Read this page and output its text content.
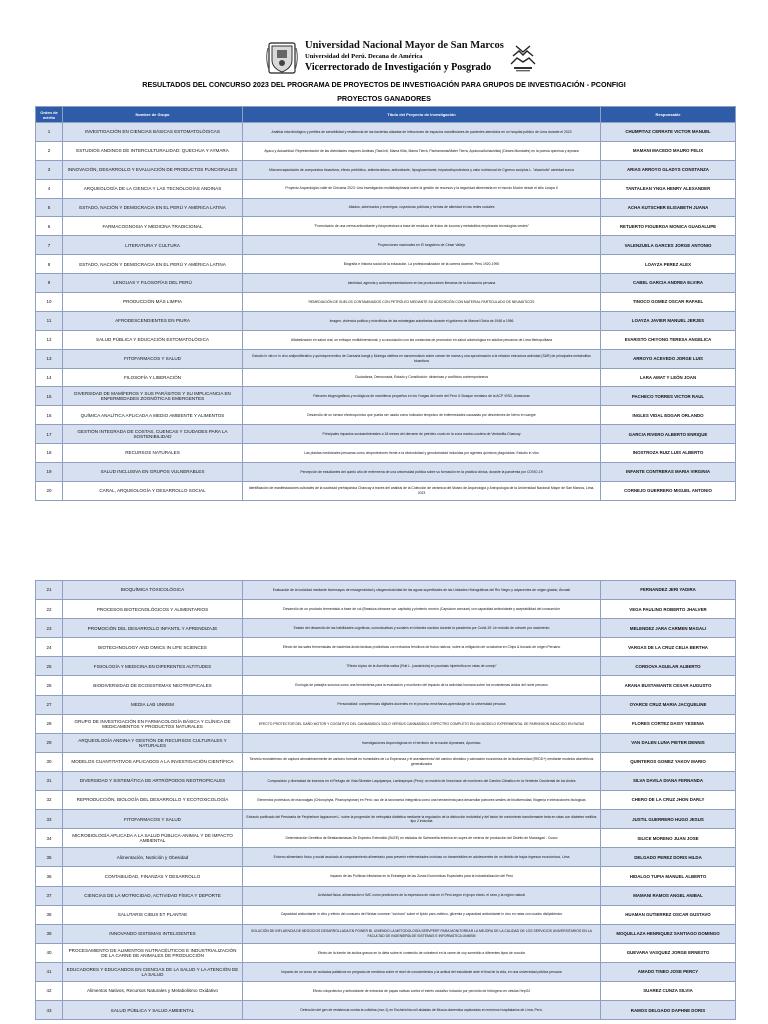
Universidad Nacional Mayor de San Marcos
Universidad del Perú. Decana de América
Vicerrectorado de Investigación y Posgrado
RESULTADOS DEL CONCURSO 2023 DEL PROGRAMA DE PROYECTOS DE INVESTIGACIÓN PARA GRUPOS DE INVESTIGACIÓN - PCONFIGI
PROYECTOS GANADORES
Orden de mérito	Nombre de Grupo	Título del Proyecto de Investigación	Responsable
1	INVESTIGACIÓN EN CIENCIAS BÁSICAS ESTOMATOLÓGICAS	Análisis microbiológico y perfiles de sensibilidad y resistencia de las bacterias aisladas de infecciones de espacios mandibulares de pacientes atendidos en un hospital público de Lima durante el 2023	CHUMPITAZ CERRATE VICTOR MANUEL
2	ESTUDIOS ANDINOS DE INTERCULTURALIDAD: QUECHUA Y AYMARA	Ayacu y Aukachikai: Representación de las divinidades mayores Andinas (Tata Inti, Mama Killa, Mama Tierra, Pachamama/Mater Tierra, Apukuna/Achachilas) (Dioses Mundales) en la poesía quechua y aymara	MAMANI MACEDO MAURO FELIX
3	INNOVACIÓN, DESARROLLO Y EVALUACIÓN DE PRODUCTOS FUNCIONALES	Microencapsulación de compuestos bioactivos, efecto prebiótico, antimicrobiano, antioxidante, hipoglucemiante, hepatocitoprotectora y valor nutricional de Cyperus sculptus L. "alcachofa" variedad sunca	ARIAS ARROYO GLADYS CONSTANZA
4	ARQUEOLOGÍA DE LA CIENCIA Y LAS TECNOLOGÍAS ANDINAS	Proyecto Arqueológico valle de Chicama 2023: Una investigación multidisciplinaria sobre la gestión de recursos y la seguridad alimentaria en el mundo Moche desde el sitio Licapa II	TANTALEAN YNGA HENRY ALEXANDER
5	ESTADO, NACIÓN Y DEMOCRACIA EN EL PERÚ Y AMÉRICA LATINA	Aliados, adversarios y enemigos: coyunturas políticas y formas de alteridad en las redes sociales	ACHA KUTSCHER ELISABETH JUANA
6	FARMACOGNOSIA Y MEDICINA TRADICIONAL	"Formulación de una crema antioxidante y fotoprotectora a base de residuos de frutos de lucuma y metabolitos empleando tecnologías verdes"	RETUERTO FIGUEROA MONICA GUADALUPE
7	LITERATURA Y CULTURA	Proyecciones nacionales en El tungsteno de César Vallejo	VALENZUELA GARCES JORGE ANTONIO
8	ESTADO, NACIÓN Y DEMOCRACIA EN EL PERÚ Y AMÉRICA LATINA	Biografía e historia social de la educación. La profesionalización de la carrera docente, Perú 1920-1990	LOAYZA PEREZ ALEX
9	LENGUAS Y FILOSOFÍAS DEL PERÚ	Identidad, agencia y autorrepresentaciones en las producciones literarias de la Amazonía peruana	CABEL GARCIA ANDREA ELVIRA
10	PRODUCCIÓN MÁS LIMPIA	REMEDIACIÓN DE SUELOS CONTAMINADOS CON PETRÓLEO MEDIANTE SU ADSORCIÓN CON MATERIAL PARTICULADO DE NEUMÁTICOS	TINOCO GOMEZ OSCAR RAFAEL
11	AFRODESCENDIENTES EN PIURA	Imagen, violencia política y micrófisica de las estrategias autoritarias durante el gobierno de Manuel Odría de 1948 a 1956	LOAYZA JAVIER MANUEL JERJES
12	SALUD PÚBLICA Y EDUCACIÓN ESTOMATOLÓGICA	Alfabetización en salud oral, un enfoque multidimensional, y su asociación con las conductas de promoción en salud odontológica en adultos peruanos de Lima Metropolitana	EVARISTO CHIYONG TERESA ANGELICA
13	FITOFARMACOS Y SALUD	Estudio in vitro e in vivo antiproliferativo y quimiopreventivo de Caesaria bangii y Moringa oleifera en nanoemulsión sobre cáncer de mama y una aproximación a la relación estructura actividad (SAR) de principales metabolitos bioactivos	ARROYO ACEVEDO JORGE LUIS
14	FILOSOFÍA Y LIBERACIÓN	Ciudadanía, Democracia, Estado y Constitución: dinámicas y conflictos contemporáneos	LARA AMAT Y LEÓN JOAN
15	DIVERSIDAD DE MAMÍFEROS Y SUS PARÁSITOS Y SU IMPLICANCIA EN ENFERMEDADES ZOONÓTICAS EMERGENTES	Patrones biogeográficos y ecológicos de mamíferos pequeños en los Yungas del norte del Perú II: Bosque montano de la ACP VISD, Amazonas	PACHECO TORRES VICTOR RAUL
16	QUÍMICA ANALÍTICA APLICADA A MEDIO AMBIENTE Y ALIMENTOS	Desarrollo de un sensor electroquímico que pueda ser usado como indicador temprano de enfermedades causadas por desórdenes de hierro en sangre	INGLES VIDAL EDGAR ORLANDO
17	GESTIÓN INTEGRADA DE COSTAS, CUENCAS Y CIUDADES PARA LA SOSTENIBILIDAD	Principales impactos socioambientales a 18 meses del derrame de petróleo crudo en la zona marino-costera de Ventanilla-Chancay	GARCIA RIVERO ALBERTO ENRIQUE
18	RECURSOS NATURALES	Las plantas medicinales peruanas como citoprotectores frente a la citotoxicidad y genotoxicidad inducidas por agentes químicos plaguicidas: Estudio in vitro	INOSTROZA RUIZ LUIS ALBERTO
19	SALUD INCLUSIVA EN GRUPOS VULNERABLES	Percepción de estudiantes del quinto año de enfermería de una universidad pública sobre su formación en la práctica clínica, durante la pandemia por COVID-19	INFANTE CONTRERAS MARIA VIRGINIA
20	CARAL, ARQUEOLOGÍA Y DESARROLLO SOCIAL	Identificación de manifestaciones culturales de la sociedad prehispánica Chancay a través del análisis de la Colección de cerámica del Museo de Arqueología y Antropología de la Universidad Nacional Mayor de San Marcos, Lima, 2023	CORNEJO GUERRERO MIGUEL ANTONIO
21	BIOQUÍMICA TOXICOLÓGICA	Evaluación de la toxicidad mediante bioensayos de mutagenicidad y citogenotoxicidad de las aguas superficiales de las Unidades Hidrográficas del Río Negro y adyacentes de origen glaciar, Áncash	FERNANDEZ JERI YADIRA
22	PROCESOS BIOTECNOLÓGICOS Y ALIMENTARIOS	Desarrollo de un producto fermentado a base de col (Brassica oleracea var. capitata) y pimiento morrón (Capsicum annuum) con capacidad antioxidante y aceptabilidad del consumidor	VEGA PAULINO ROBERTO JHALVER
23	PROMOCIÓN DEL DESARROLLO INFANTIL Y APRENDIZAJE	Estado del desarrollo de las habilidades cognitivas, comunicativas y sociales en infantes nacidos durante la pandemia por Covid-19: Un estudio de cohorte por nacimiento	MELENDEZ JARA CARMEN MAGALI
24	BIOTECHNOLOGY AND OMICS IN LIFE SCIENCES	Efecto de las sales fermentadas de bacterias ácido lácticas probióticas con extractos fenólicos de frutos nativos, sobre la mitigación de ocratoxina en Chips & bocado de origen Peruano	VARGAS DE LA CRUZ CELIA BERTHA
25	FISIOLOGÍA Y MEDICINA EN DIFERENTES ALTITUDES	"Efecto tópico de la Aventhia sativa (Ruti L. (caraindola) en psoriasis hipertrófica en ratas de conejo"	CORDOVA AGUILAR ALBERTO
26	BIODIVERSIDAD DE ECOSISTEMAS NEOTROPICALES	Ecología de paisajes sonoros como una herramienta para la evaluación y monitoreo del impacto de la actividad humana sobre los ecosistemas áridos del norte peruano	ARANA BUSTAMANTE CESAR AUGUSTO
27	MEDIA LAB UNMSM	Personalidad: competencias digitales docentes en el proceso enseñanza-aprendizaje de la universidad peruana	OYARCE CRUZ MARIA JACQUELINE
28	GRUPO DE INVESTIGACIÓN EN FARMACOLOGÍA BÁSICA Y CLÍNICA DE MEDICAMENTOS Y PRODUCTOS NATURALES	EFECTO PROTECTOR DEL DAÑO MOTOR Y COGNITIVO DEL CANNABIDIOL SOLO VERSUS CANNABIDIOL ESPECTRO COMPLETO EN UN MODELO EXPERIMENTAL DE PARKINSON INDUCIDO EN RATAS	FLORES CORTEZ DAISY YESENIA
29	ARQUEOLOGÍA ANDINA Y GESTIÓN DE RECURSOS CULTURALES Y NATURALES	Investigaciones Arqueológicas en el territorio de la nación Aymaraes, Apurimac.	VAN DALEN LUNA PIETER DENNIS
30	MODELOS CUANTITATIVOS APLICADOS A LA INVESTIGACIÓN CIENTÍFICA	Servicio ecosistémico de captura atmosferaminente de carbono forestal en humedales de La Esperanza y el asentamiento/ del camino climático y valoración económica de la biodiversidad (REDD+) mediante modelos alométricos generalizados	QUINTEROS GOMEZ YAKOV MARIO
31	DIVERSIDAD Y SISTEMÁTICA DE ARTRÓPODOS NEOTROPICALES	Composición y diversidad de insectos en el Refugio de Vida Silvestre Laquipampa, Lambayeque (Perú): un modelo de línea base de monitoreo del Cambio Climático en la Vertiente Occidental de los Andes	SILVA DAVILA DIANA FERNANDA
32	REPRODUCCIÓN, BIOLOGÍA DEL DESARROLLO Y ECOTOXICOLOGÍA	Elementos protésicos de macroalgas (Chlorophyta, Phaeophyceae) en Perú: uso de la taxonomía integrativa como una herramienta para desarrollar patrones sesiles de biodiversidad, filogenia e interacciones biológicas	CHERO DE LA CRUZ JHON DARLY
33	FITOFARMACOS Y SALUD	Extracto purificado del Persicaria de Ferphebum lappaceum L. sobre la progresión de nefropatía diabética mediante la regulación de la disfunción endotelial y del factor de crecimiento transformante beta en ratas con diabetes mellitus tipo 2 inducida	JUSTIL GUERRERO HUGO JESUS
34	MICROBIOLOGÍA APLICADA A LA SALUD PÚBLICA-ANIMAL Y DE IMPACTO AMBIENTAL	Determinación Genética de Betalactamasas De Espectro Extendido (BLEE) en aislados de Salmonella enterica en supes de centros de producción del Distrito de Manzagari - Cusco	SILICE MORENO JUAN JOSE
35	Alimentación, Nutrición y Obesidad	Entorno alimentario físico y social asociado al comportamiento alimentario para prevenir enfermedades crónicas no transmisibles en adolescentes de un distrito de bajos ingresos económicos, Lima	DELGADO PEREZ DORIS HILDA
36	CONTABILIDAD, FINANZAS Y DESARROLLO	Impacto de las Políticas tributarias en la Estrategia de las Zonas Económicas Especiales para la industrialización del Perú	HIDALGO TUPIA MANUEL ALBERTO
37	CIENCIAS DE LA MOTRICIDAD, ACTIVIDAD FÍSICA Y DEPORTE	Actividad física, alimentación e IMC como predictores de la esperanza de vida en el Perú según el grupo etario, el sexo y la región natural	MAMANI RAMOS ANGEL ANIBAL
38	SALUTARIS CIBUS ET PLANTAE	Capacidad antioxidante in vitro y efecto del consumo del Néctar common "cushuro" sobre el lípido paro-métrico, glicemia y capacidad antioxidante in vivo en ratas con cuadro dislipidémico	HUAMAN GUTIERREZ OSCAR GUSTAVO
39	INNOVANDO SISTEMAS INTELIGENTES	SOLUCIÓN DE INFLUENCIA DE NEGOCIOS DESARROLLADA EN POWER BI, UNIENDO LA METODOLOGÍA SERVPERF PARA MONITOREAR LA MEJORA DE LA CALIDAD DE LOS SERVICIOS UNIVERSITARIOS EN LA FACULTAD DE INGENIERÍA DE SISTEMAS E INFORMÁTICA UNMSM	MOQUILLAZA HENRIQUEZ SANTIAGO DOMINGO
40	PROCESAMIENTO DE ALIMENTOS NUTRACÉUTICOS E INDUSTRIALIZACIÓN DE LA CARNE DE ANIMALES DE PRODUCCIÓN	Efecto de la fuente de ácidos grasos en la dieta sobre el contenido de colesterol en la carne de cuy sometido a diferentes tipos de cocción	GUEVARA VASQUEZ JORGE ERNESTO
41	EDUCADORES Y EDUCANDOS EN CIENCIAS DE LA SALUD Y LA ATENCIÓN DE LA SALUD	Impacto de un curso de cuidados paliativos en pregrado de medicina sobre el nivel de conocimientos y la actitud del estudiante ante el final de la vida, en una universidad pública peruana	AMADO TINEO JOSE PERCY
42	Alimentos Nativos, Recursos Naturales y Metabolismo Oxidativo	Efecto citoprotector y antioxidante de extractos de papas nativas contra el estrés oxidativo inducido por peróxido de hidrógeno en células HepG2	SUAREZ CUNZA SILVIA
43	SALUD PÚBLICA Y SALUD AMBIENTAL	Detección del gen de resistencia contra la colistina (mcr-1) en Escherichia coli aisladas de Musca domestica capturadas en entornos hospitalarios de Lima, Perú.	RAMOS DELGADO DAPHNE DORIS
